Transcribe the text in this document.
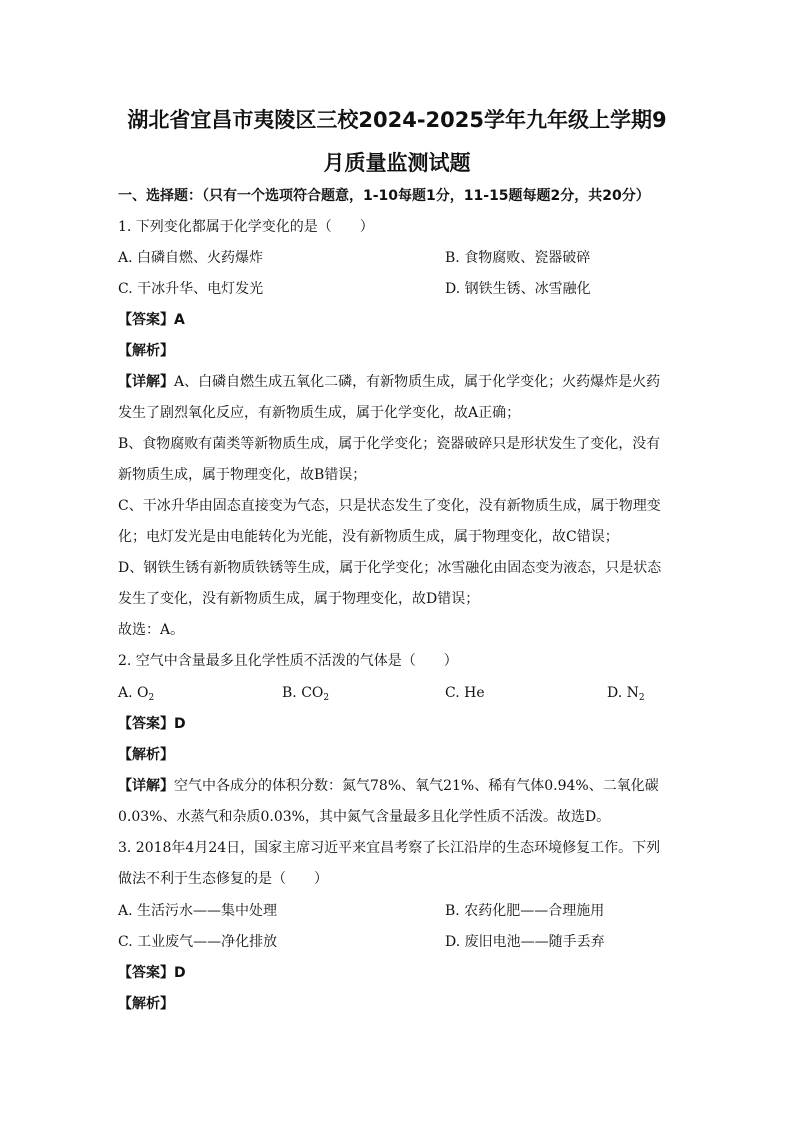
湖北省宜昌市夷陵区三校2024-2025学年九年级上学期9
月质量监测试题
一、选择题：（只有一个选项符合题意，1-10每题1分，11-15题每题2分，共20分）
1. 下列变化都属于化学变化的是（　　）
A. 白磷自燃、火药爆炸	B. 食物腐败、瓷器破碎
C. 干冰升华、电灯发光	D. 钢铁生锈、冰雪融化
【答案】A
【解析】
【详解】A、白磷自燃生成五氧化二磷，有新物质生成，属于化学变化；火药爆炸是火药
发生了剧烈氧化反应，有新物质生成，属于化学变化，故A正确；
B、食物腐败有菌类等新物质生成，属于化学变化；瓷器破碎只是形状发生了变化，没有
新物质生成，属于物理变化，故B错误；
C、干冰升华由固态直接变为气态，只是状态发生了变化，没有新物质生成，属于物理变
化；电灯发光是由电能转化为光能，没有新物质生成，属于物理变化，故C错误；
D、钢铁生锈有新物质铁锈等生成，属于化学变化；冰雪融化由固态变为液态，只是状态
发生了变化，没有新物质生成，属于物理变化，故D错误；
故选：A。
2. 空气中含量最多且化学性质不活泼的气体是（　　）
A. $O_2$	B. $CO_2$	C. He	D. $N_2$
【答案】D
【解析】
【详解】空气中各成分的体积分数：氮气78%、氧气21%、稀有气体0.94%、二氧化碳
0.03%、水蒸气和杂质0.03%，其中氮气含量最多且化学性质不活泼。故选D。
3. 2018年4月24日，国家主席习近平来宜昌考察了长江沿岸的生态环境修复工作。下列
做法不利于生态修复的是（　　）
A. 生活污水——集中处理	B. 农药化肥——合理施用
C. 工业废气——净化排放	D. 废旧电池——随手丢弃
【答案】D
【解析】
